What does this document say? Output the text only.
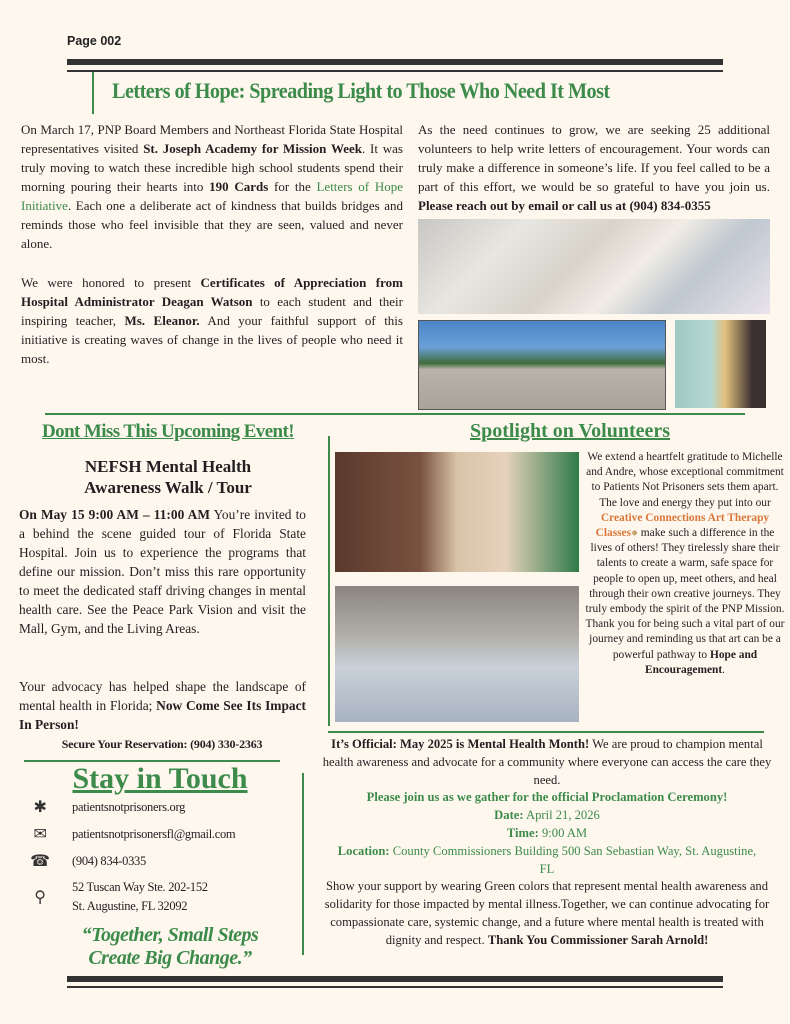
Page 002
Letters of Hope: Spreading Light to Those Who Need It Most
On March 17, PNP Board Members and Northeast Florida State Hospital representatives visited St. Joseph Academy for Mission Week. It was truly moving to watch these incredible high school students spend their morning pouring their hearts into 190 Cards for the Letters of Hope Initiative. Each one a deliberate act of kindness that builds bridges and reminds those who feel invisible that they are seen, valued and never alone.
We were honored to present Certificates of Appreciation from Hospital Administrator Deagan Watson to each student and their inspiring teacher, Ms. Eleanor. And your faithful support of this initiative is creating waves of change in the lives of people who need it most.
As the need continues to grow, we are seeking 25 additional volunteers to help write letters of encouragement. Your words can truly make a difference in someone’s life. If you feel called to be a part of this effort, we would be so grateful to have you join us. Please reach out by email or call us at (904) 834-0355
Dont Miss This Upcoming Event!
NEFSH Mental Health
Awareness Walk / Tour
On May 15 9:00 AM – 11:00 AM You’re invited to a behind the scene guided tour of Florida State Hospital. Join us to experience the programs that define our mission. Don’t miss this rare opportunity to meet the dedicated staff driving changes in mental health care. See the Peace Park Vision and visit the Mall, Gym, and the Living Areas.
Your advocacy has helped shape the landscape of mental health in Florida; Now Come See Its Impact In Person!
Secure Your Reservation: (904) 330-2363
Stay in Touch
✱ patientsnotprisoners.org
✉ patientsnotprisonersfl@gmail.com
☎ (904) 834-0335
⚲
52 Tuscan Way Ste. 202-152
St. Augustine, FL 32092
“Together, Small Steps
Create Big Change.”
Spotlight on Volunteers
We extend a heartfelt gratitude to Michelle and Andre, whose exceptional commitment to Patients Not Prisoners sets them apart. The love and energy they put into our Creative Connections Art Therapy Classes● make such a difference in the lives of others! They tirelessly share their talents to create a warm, safe space for people to open up, meet others, and heal through their own creative journeys. They truly embody the spirit of the PNP Mission. Thank you for being such a vital part of our journey and reminding us that art can be a powerful pathway to Hope and Encouragement.
It’s Official: May 2025 is Mental Health Month! We are proud to champion mental health awareness and advocate for a community where everyone can access the care they need.
Please join us as we gather for the official Proclamation Ceremony!
Date: April 21, 2026
Time: 9:00 AM
Location: County Commissioners Building 500 San Sebastian Way, St. Augustine, FL
Show your support by wearing Green colors that represent mental health awareness and solidarity for those impacted by mental illness.Together, we can continue advocating for compassionate care, systemic change, and a future where mental health is treated with dignity and respect. Thank You Commissioner Sarah Arnold!
